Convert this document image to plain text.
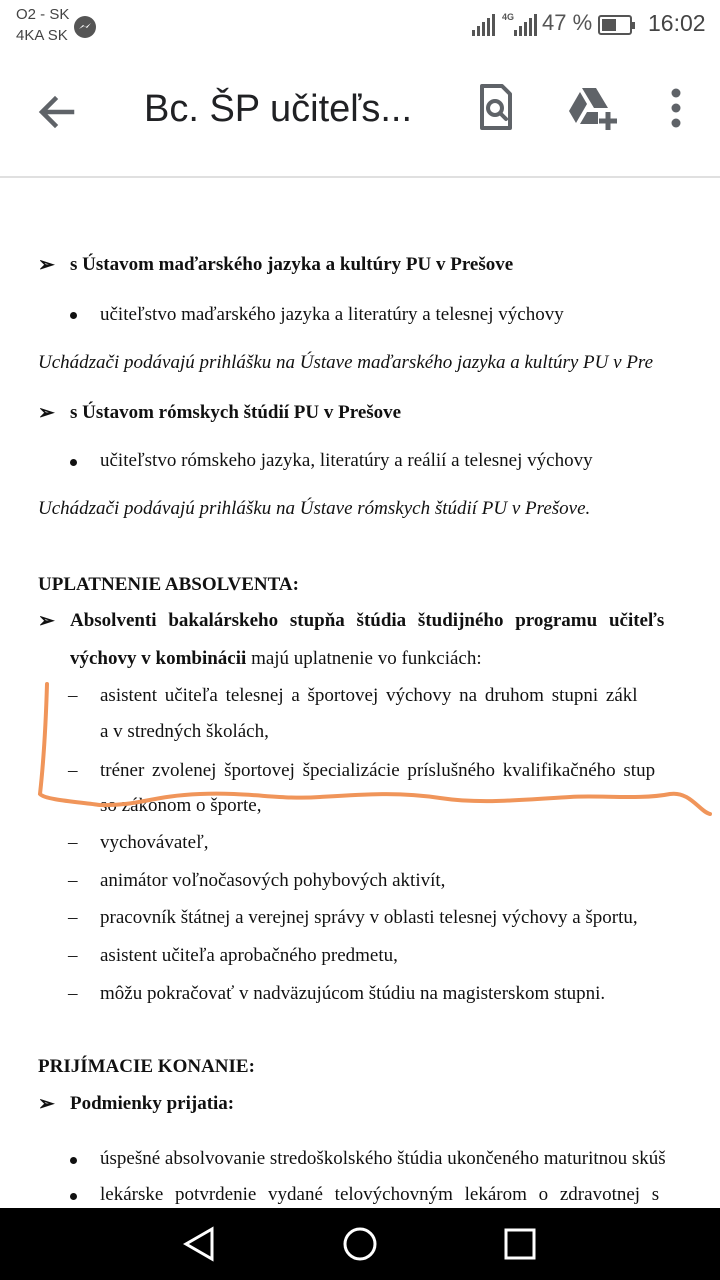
O2 - SK
4KA SK
4G 47 % 16:02
Bc. ŠP učiteľs...
➢ s Ústavom maďarského jazyka a kultúry PU v Prešove
učiteľstvo maďarského jazyka a literatúry a telesnej výchovy
Uchádzači podávajú prihlášku na Ústave maďarského jazyka a kultúry PU v Pre
➢ s Ústavom rómskych štúdií PU v Prešove
učiteľstvo rómskeho jazyka, literatúry a reálií a telesnej výchovy
Uchádzači podávajú prihlášku na Ústave rómskych štúdií PU v Prešove.
UPLATNENIE ABSOLVENTA:
➢ Absolventi bakalárskeho stupňa štúdia študijného programu učiteľs
výchovy v kombinácii majú uplatnenie vo funkciách:
– asistent učiteľa telesnej a športovej výchovy na druhom stupni zákl
a v stredných školách,
– tréner zvolenej športovej špecializácie príslušného kvalifikačného stup
so zákonom o športe,
– vychovávateľ,
– animátor voľnočasových pohybových aktivít,
– pracovník štátnej a verejnej správy v oblasti telesnej výchovy a športu,
– asistent učiteľa aprobačného predmetu,
– môžu pokračovať v nadväzujúcom štúdiu na magisterskom stupni.
PRIJÍMACIE KONANIE:
➢ Podmienky prijatia:
úspešné absolvovanie stredoškolského štúdia ukončeného maturitnou skúš
lekárske potvrdenie vydané telovýchovným lekárom o zdravotnej s
